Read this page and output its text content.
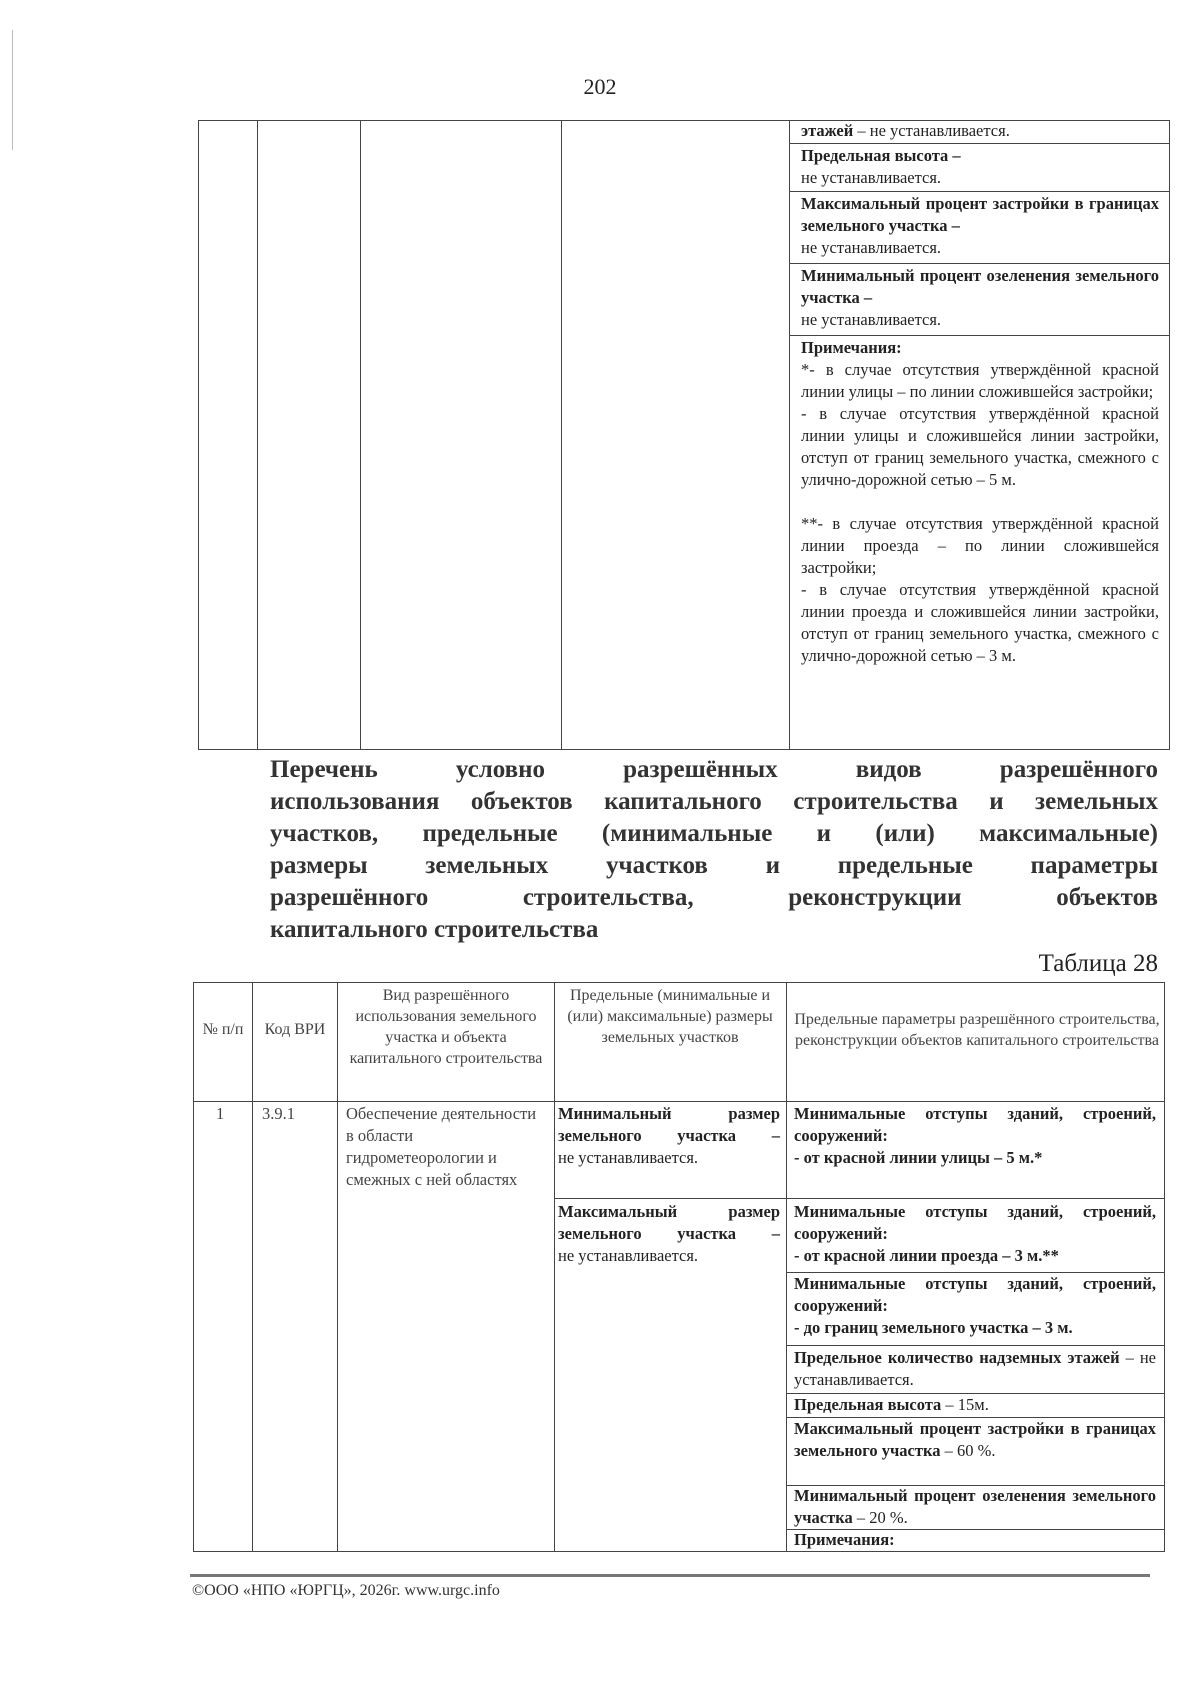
202
этажей – не устанавливается.
Предельная высота –
не устанавливается.
Максимальный процент застройки в границах земельного участка –
не устанавливается.
Минимальный процент озеленения земельного участка –
не устанавливается.
Примечания:
*- в случае отсутствия утверждённой красной линии улицы – по линии сложившейся застройки;
- в случае отсутствия утверждённой красной линии улицы и сложившейся линии застройки, отступ от границ земельного участка, смежного с улично-дорожной сетью – 5 м.
**- в случае отсутствия утверждённой красной линии проезда – по линии сложившейся застройки;
- в случае отсутствия утверждённой красной линии проезда и сложившейся линии застройки, отступ от границ земельного участка, смежного с улично-дорожной сетью – 3 м.
Перечень условно разрешённых видов разрешённого
использования объектов капитального строительства и земельных
участков, предельные (минимальные и (или) максимальные)
размеры земельных участков и предельные параметры
разрешённого строительства, реконструкции объектов
капитального строительства
Таблица 28
№ п/п Код ВРИ
Вид разрешённого использования земельного участка и объекта капитального строительства
Предельные (минимальные и (или) максимальные) размеры земельных участков
Предельные параметры разрешённого строительства, реконструкции объектов капитального строительства
1 3.9.1	Обеспечение деятельности в области гидрометеорологии и смежных с ней областях
Минимальный размер земельного участка –
не устанавливается.
Максимальный размер земельного участка –
не устанавливается.
Минимальные отступы зданий, строений, сооружений:
- от красной линии улицы – 5 м.*
Минимальные отступы зданий, строений, сооружений:
- от красной линии проезда – 3 м.**
Минимальные отступы зданий, строений, сооружений:
- до границ земельного участка – 3 м.
Предельное количество надземных этажей – не устанавливается.
Предельная высота – 15м.
Максимальный процент застройки в границах земельного участка – 60 %.
Минимальный процент озеленения земельного участка – 20 %.
Примечания:
©ООО «НПО «ЮРГЦ», 2026г. www.urgc.info
